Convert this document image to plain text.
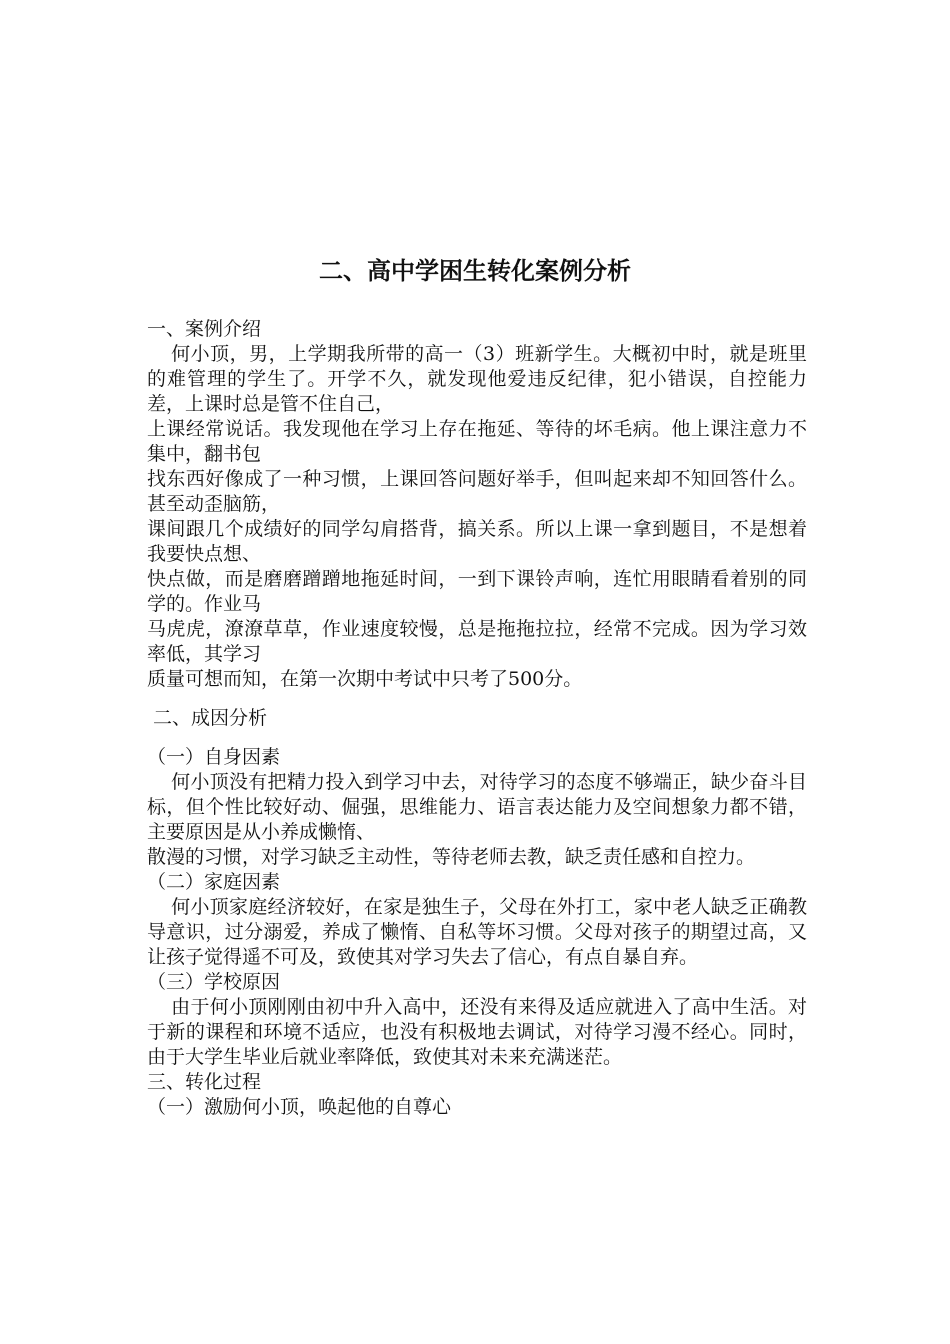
二、高中学困生转化案例分析

一、案例介绍

何小顶，男，上学期我所带的高一（3）班新学生。大概初中时，就是班里的难管理的学生了。开学不久，就发现他爱违反纪律，犯小错误，自控能力差，上课时总是管不住自己，

上课经常说话。我发现他在学习上存在拖延、等待的坏毛病。他上课注意力不集中，翻书包

找东西好像成了一种习惯，上课回答问题好举手，但叫起来却不知回答什么。甚至动歪脑筋，

课间跟几个成绩好的同学勾肩搭背，搞关系。所以上课一拿到题目，不是想着我要快点想、

快点做，而是磨磨蹭蹭地拖延时间，一到下课铃声响，连忙用眼睛看着别的同学的。作业马

马虎虎，潦潦草草，作业速度较慢，总是拖拖拉拉，经常不完成。因为学习效率低，其学习

质量可想而知，在第一次期中考试中只考了500分。

二、成因分析

（一）自身因素

何小顶没有把精力投入到学习中去，对待学习的态度不够端正，缺少奋斗目标，但个性比较好动、倔强，思维能力、语言表达能力及空间想象力都不错，主要原因是从小养成懒惰、

散漫的习惯，对学习缺乏主动性，等待老师去教，缺乏责任感和自控力。

（二）家庭因素

何小顶家庭经济较好，在家是独生子，父母在外打工，家中老人缺乏正确教导意识，过分溺爱，养成了懒惰、自私等坏习惯。父母对孩子的期望过高，又让孩子觉得遥不可及，致使其对学习失去了信心，有点自暴自弃。

（三）学校原因

由于何小顶刚刚由初中升入高中，还没有来得及适应就进入了高中生活。对于新的课程和环境不适应，也没有积极地去调试，对待学习漫不经心。同时，由于大学生毕业后就业率降低，致使其对未来充满迷茫。

三、转化过程

（一）激励何小顶，唤起他的自尊心
